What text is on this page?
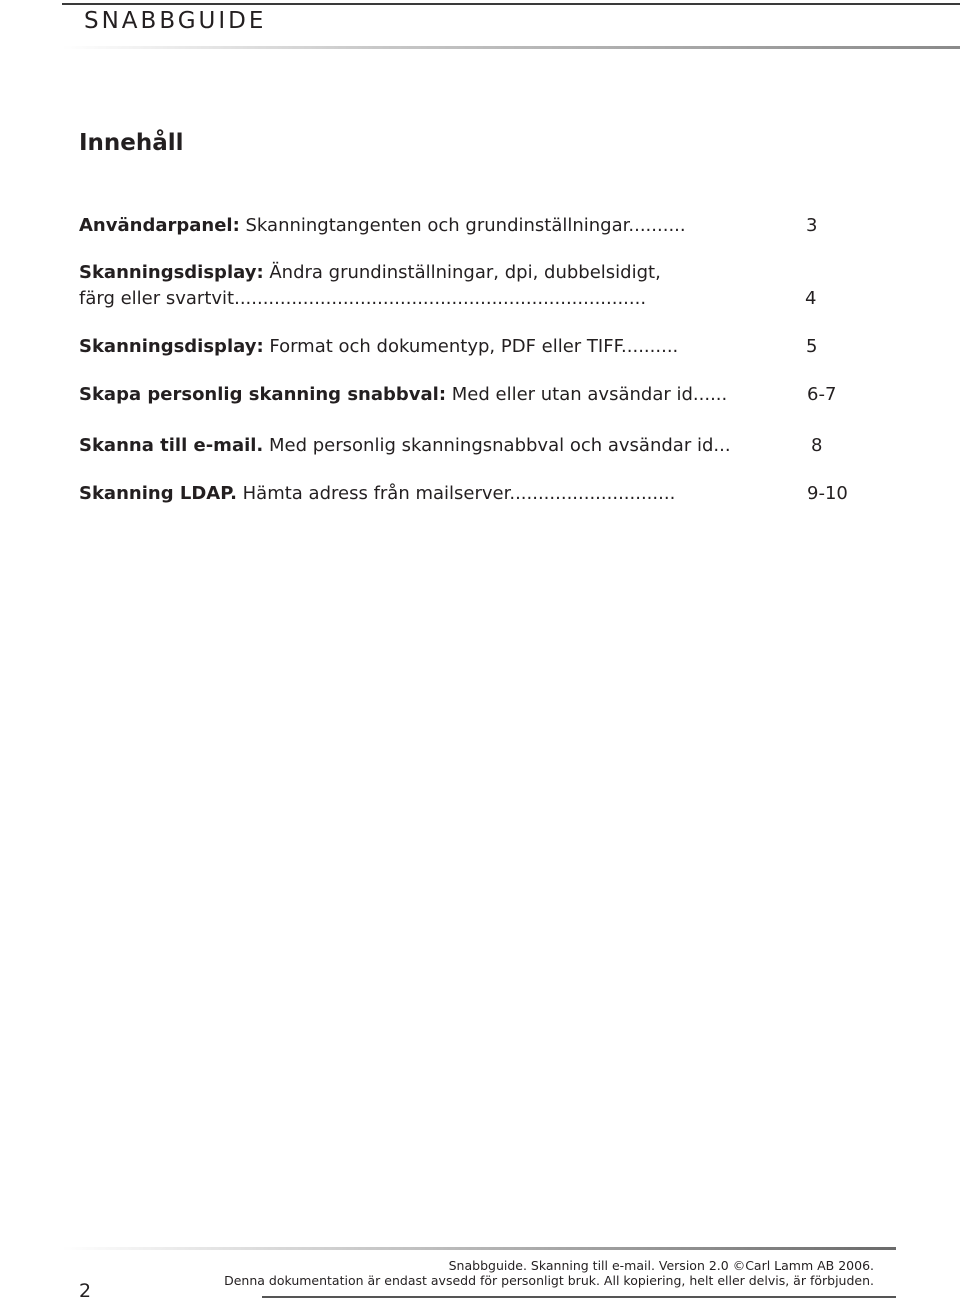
SNABBGUIDE
Innehåll
Användarpanel: Skanningtangenten och grundinställningar..........	3
Skanningsdisplay: Ändra grundinställningar, dpi, dubbelsidigt,
färg eller svartvit........................................................................	4
Skanningsdisplay: Format och dokumentyp, PDF eller TIFF..........	5
Skapa personlig skanning snabbval: Med eller utan avsändar id......	6-7
Skanna till e-mail. Med personlig skanningsnabbval och avsändar id...	8
Skanning LDAP. Hämta adress från mailserver.............................	9-10
Snabbguide. Skanning till e-mail. Version 2.0 ©Carl Lamm AB 2006.
Denna dokumentation är endast avsedd för personligt bruk. All kopiering, helt eller delvis, är förbjuden.
2
